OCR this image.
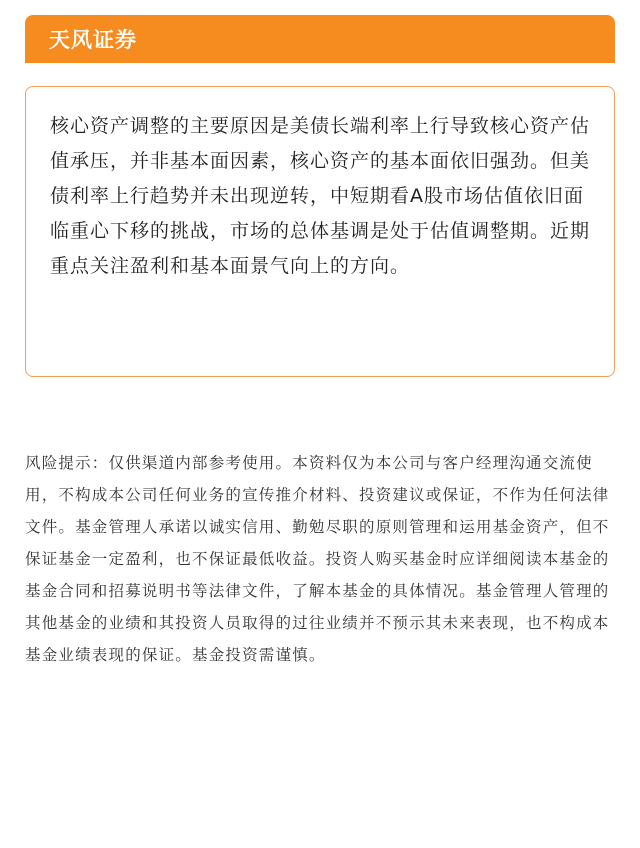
天风证券

核心资产调整的主要原因是美债长端利率上行导致核心资产估值承压，并非基本面因素，核心资产的基本面依旧强劲。但美债利率上行趋势并未出现逆转，中短期看A股市场估值依旧面临重心下移的挑战，市场的总体基调是处于估值调整期。近期重点关注盈利和基本面景气向上的方向。

风险提示：仅供渠道内部参考使用。本资料仅为本公司与客户经理沟通交流使用，不构成本公司任何业务的宣传推介材料、投资建议或保证，不作为任何法律文件。基金管理人承诺以诚实信用、勤勉尽职的原则管理和运用基金资产，但不保证基金一定盈利，也不保证最低收益。投资人购买基金时应详细阅读本基金的基金合同和招募说明书等法律文件，了解本基金的具体情况。基金管理人管理的其他基金的业绩和其投资人员取得的过往业绩并不预示其未来表现，也不构成本基金业绩表现的保证。基金投资需谨慎。
